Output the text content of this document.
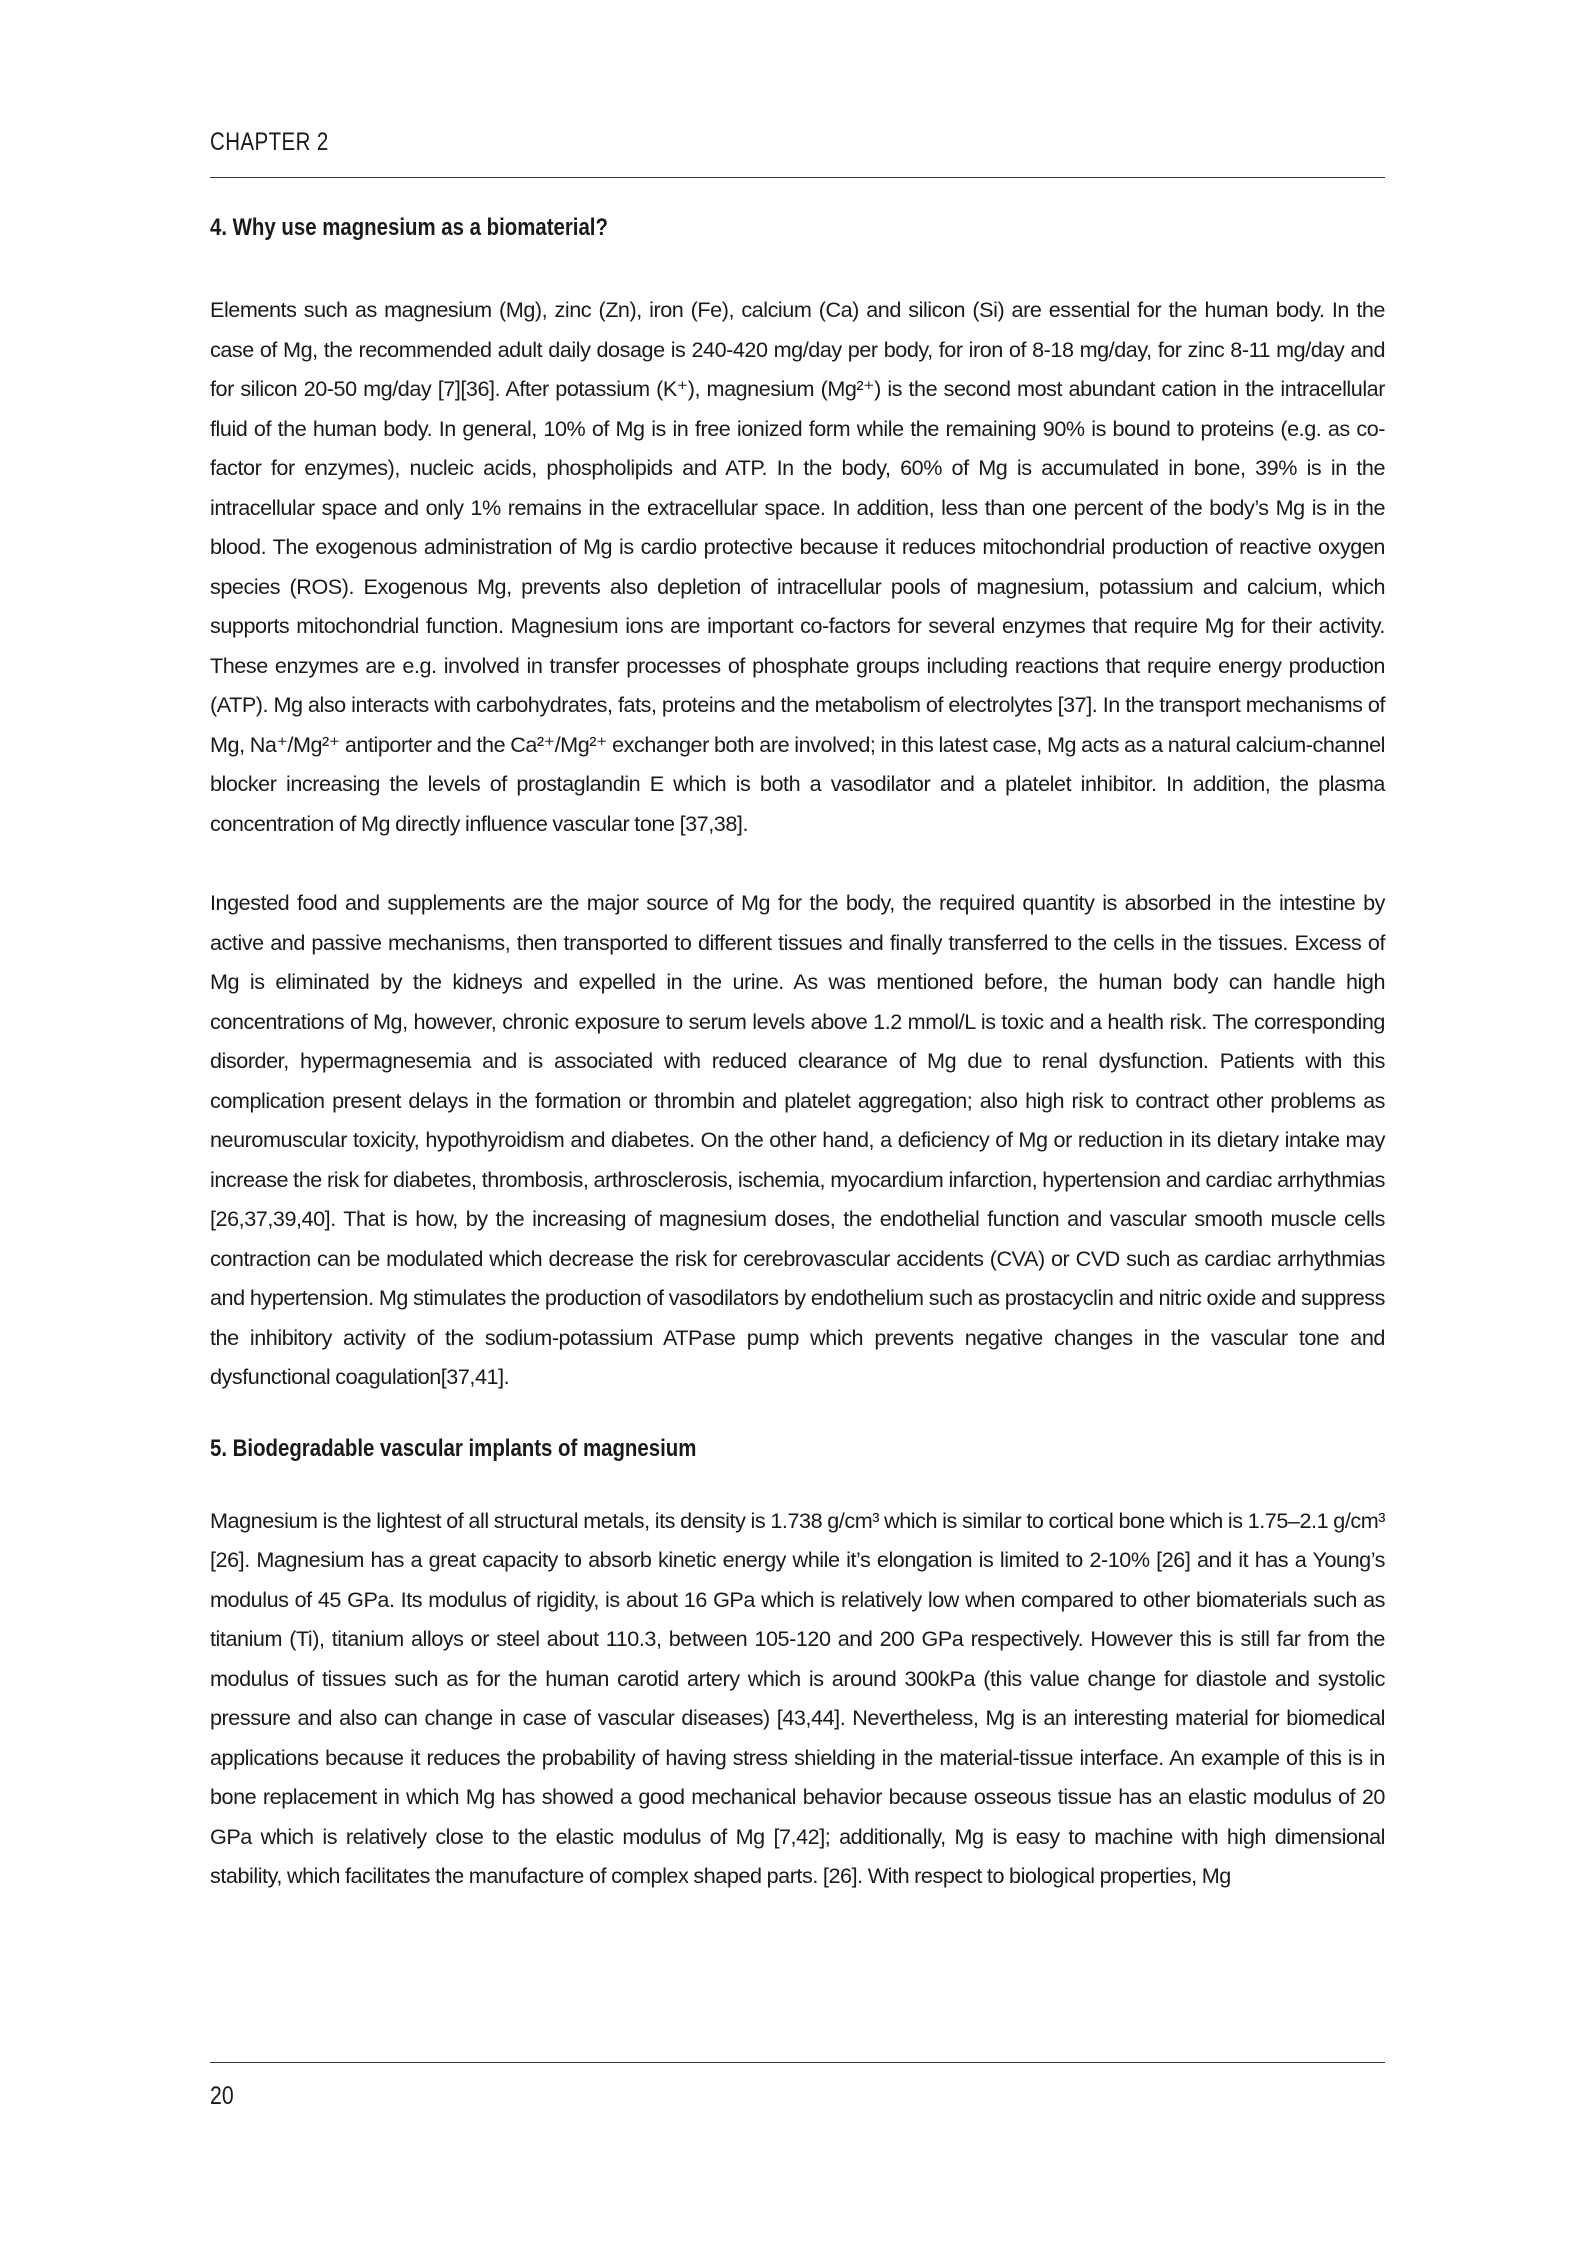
CHAPTER 2
4. Why use magnesium as a biomaterial?

Elements such as magnesium (Mg), zinc (Zn), iron (Fe), calcium (Ca) and silicon (Si) are essential for the human body. In the case of Mg, the recommended adult daily dosage is 240-420 mg/day per body, for iron of 8-18 mg/day, for zinc 8-11 mg/day and for silicon 20-50 mg/day [7][36]. After potassium (K⁺), magnesium (Mg²⁺) is the second most abundant cation in the intracellular fluid of the human body. In general, 10% of Mg is in free ionized form while the remaining 90% is bound to proteins (e.g. as co-factor for enzymes), nucleic acids, phospholipids and ATP. In the body, 60% of Mg is accumulated in bone, 39% is in the intracellular space and only 1% remains in the extracellular space. In addition, less than one percent of the body’s Mg is in the blood. The exogenous administration of Mg is cardio protective because it reduces mitochondrial production of reactive oxygen species (ROS). Exogenous Mg, prevents also depletion of intracellular pools of magnesium, potassium and calcium, which supports mitochondrial function. Magnesium ions are important co-factors for several enzymes that require Mg for their activity. These enzymes are e.g. involved in transfer processes of phosphate groups including reactions that require energy production (ATP). Mg also interacts with carbohydrates, fats, proteins and the metabolism of electrolytes [37]. In the transport mechanisms of Mg, Na⁺/Mg²⁺ antiporter and the Ca²⁺/Mg²⁺ exchanger both are involved; in this latest case, Mg acts as a natural calcium-channel blocker increasing the levels of prostaglandin E which is both a vasodilator and a platelet inhibitor. In addition, the plasma concentration of Mg directly influence vascular tone [37,38].

Ingested food and supplements are the major source of Mg for the body, the required quantity is absorbed in the intestine by active and passive mechanisms, then transported to different tissues and finally transferred to the cells in the tissues. Excess of Mg is eliminated by the kidneys and expelled in the urine. As was mentioned before, the human body can handle high concentrations of Mg, however, chronic exposure to serum levels above 1.2 mmol/L is toxic and a health risk. The corresponding disorder, hypermagnesemia and is associated with reduced clearance of Mg due to renal dysfunction. Patients with this complication present delays in the formation or thrombin and platelet aggregation; also high risk to contract other problems as neuromuscular toxicity, hypothyroidism and diabetes. On the other hand, a deficiency of Mg or reduction in its dietary intake may increase the risk for diabetes, thrombosis, arthrosclerosis, ischemia, myocardium infarction, hypertension and cardiac arrhythmias [26,37,39,40]. That is how, by the increasing of magnesium doses, the endothelial function and vascular smooth muscle cells contraction can be modulated which decrease the risk for cerebrovascular accidents (CVA) or CVD such as cardiac arrhythmias and hypertension. Mg stimulates the production of vasodilators by endothelium such as prostacyclin and nitric oxide and suppress the inhibitory activity of the sodium-potassium ATPase pump which prevents negative changes in the vascular tone and dysfunctional coagulation[37,41].

5. Biodegradable vascular implants of magnesium

Magnesium is the lightest of all structural metals, its density is 1.738 g/cm³ which is similar to cortical bone which is 1.75–2.1 g/cm³ [26]. Magnesium has a great capacity to absorb kinetic energy while it’s elongation is limited to 2-10% [26] and it has a Young’s modulus of 45 GPa. Its modulus of rigidity, is about 16 GPa which is relatively low when compared to other biomaterials such as titanium (Ti), titanium alloys or steel about 110.3, between 105-120 and 200 GPa respectively. However this is still far from the modulus of tissues such as for the human carotid artery which is around 300kPa (this value change for diastole and systolic pressure and also can change in case of vascular diseases) [43,44]. Nevertheless, Mg is an interesting material for biomedical applications because it reduces the probability of having stress shielding in the material-tissue interface. An example of this is in bone replacement in which Mg has showed a good mechanical behavior because osseous tissue has an elastic modulus of 20 GPa which is relatively close to the elastic modulus of Mg [7,42]; additionally, Mg is easy to machine with high dimensional stability, which facilitates the manufacture of complex shaped parts. [26]. With respect to biological properties, Mg

20
